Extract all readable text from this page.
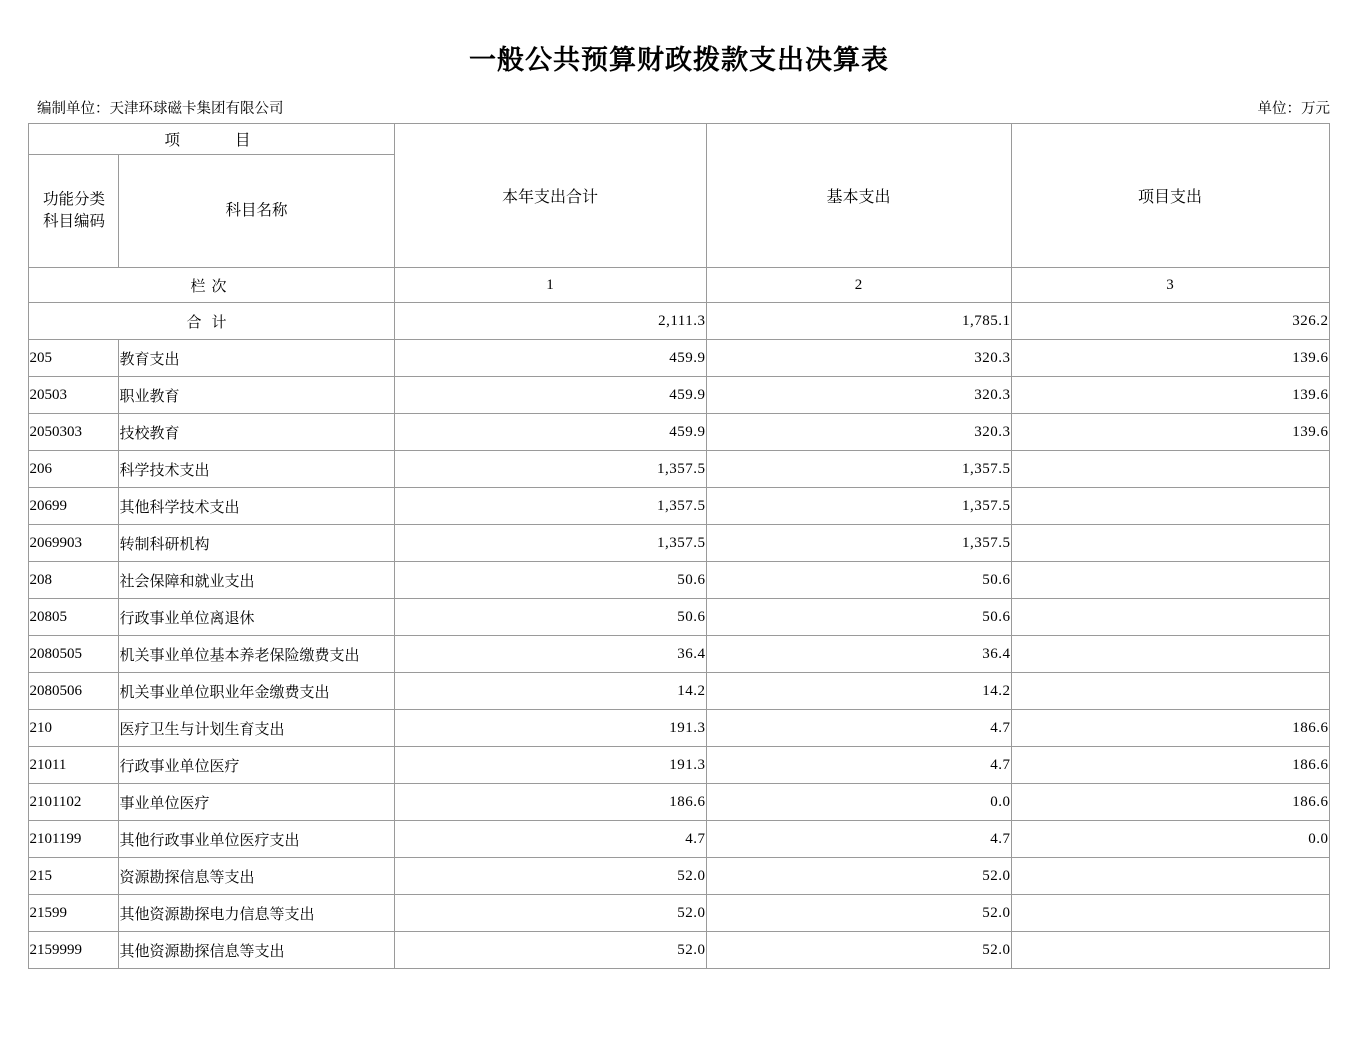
一般公共预算财政拨款支出决算表
编制单位：天津环球磁卡集团有限公司	单位：万元
项　　目		本年支出合计	基本支出	项目支出

功能分类
科目编码	科目名称			
栏次		1	2	3
合计		2,111.3	1,785.1	326.2
205	教育支出	459.9	320.3	139.6
20503	职业教育	459.9	320.3	139.6
2050303	技校教育	459.9	320.3	139.6
206	科学技术支出	1,357.5	1,357.5	
20699	其他科学技术支出	1,357.5	1,357.5	
2069903	转制科研机构	1,357.5	1,357.5	
208	社会保障和就业支出	50.6	50.6	
20805	行政事业单位离退休	50.6	50.6	
2080505	机关事业单位基本养老保险缴费支出	36.4	36.4	
2080506	机关事业单位职业年金缴费支出	14.2	14.2	
210	医疗卫生与计划生育支出	191.3	4.7	186.6
21011	行政事业单位医疗	191.3	4.7	186.6
2101102	事业单位医疗	186.6	0.0	186.6
2101199	其他行政事业单位医疗支出	4.7	4.7	0.0
215	资源勘探信息等支出	52.0	52.0	
21599	其他资源勘探电力信息等支出	52.0	52.0	
2159999	其他资源勘探信息等支出	52.0	52.0	
